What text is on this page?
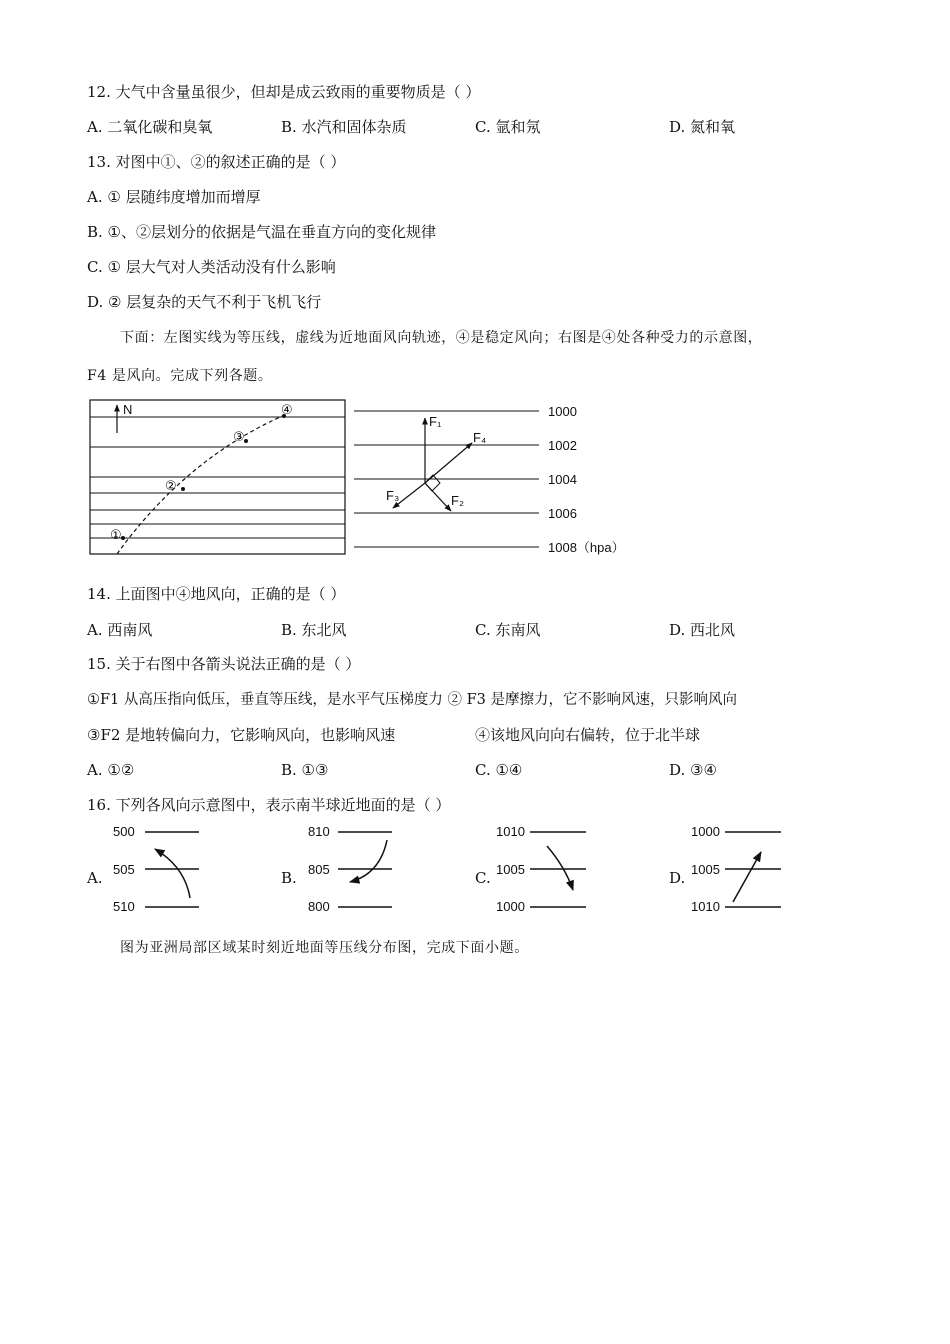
12. 大气中含量虽很少，但却是成云致雨的重要物质是（ ）
A. 二氧化碳和臭氧	B. 水汽和固体杂质	C. 氩和氖	D. 氮和氧
13. 对图中①、②的叙述正确的是（ ）
A. ① 层随纬度增加而增厚
B. ①、②层划分的依据是气温在垂直方向的变化规律
C. ① 层大气对人类活动没有什么影响
D. ② 层复杂的天气不利于飞机飞行
下面：左图实线为等压线，虚线为近地面风向轨迹，④是稳定风向；右图是④处各种受力的示意图，
F4 是风向。完成下列各题。
N
①
②
③
④	1000
1002
1004
1006
1008（hpa）
F₁
F₂
F₃
F₄
14. 上面图中④地风向，正确的是（ ）
A. 西南风	B. 东北风	C. 东南风	D. 西北风
15. 关于右图中各箭头说法正确的是（ ）
①F1 从高压指向低压，垂直等压线，是水平气压梯度力 ② F3 是摩擦力，它不影响风速，只影响风向
③F2 是地转偏向力，它影响风向，也影响风速	④该地风向向右偏转，位于北半球
A. ①②	B. ①③	C. ①④	D. ③④
16. 下列各风向示意图中，表示南半球近地面的是（ ）
A.
500
505
510
B.
810
805
800
C.
1010
1005
1000
D.
1000
1005
1010
图为亚洲局部区域某时刻近地面等压线分布图，完成下面小题。
